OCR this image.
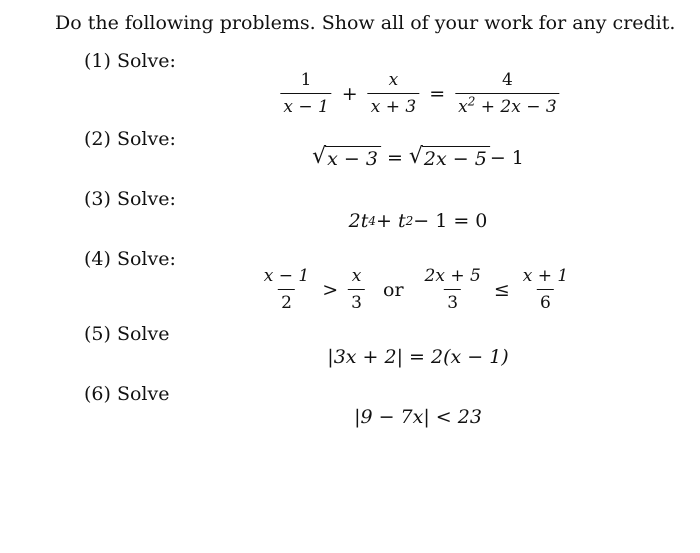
Do the following problems. Show all of your work for any credit.
(1) Solve:
$\frac{1}{x - 1} + \frac{x}{x + 3} = \frac{4}{x^2 + 2x - 3}$
(2) Solve:
√ x − 3 = √ 2x − 5 − 1
(3) Solve:
2t 4 + t 2 − 1 = 0
(4) Solve:
$\frac{x - 1}{2} > \frac{x}{3}$ or $\frac{2x + 5}{3} \le \frac{x + 1}{6}$
(5) Solve
|3x + 2| = 2(x − 1)
(6) Solve
|9 − 7x| < 23
